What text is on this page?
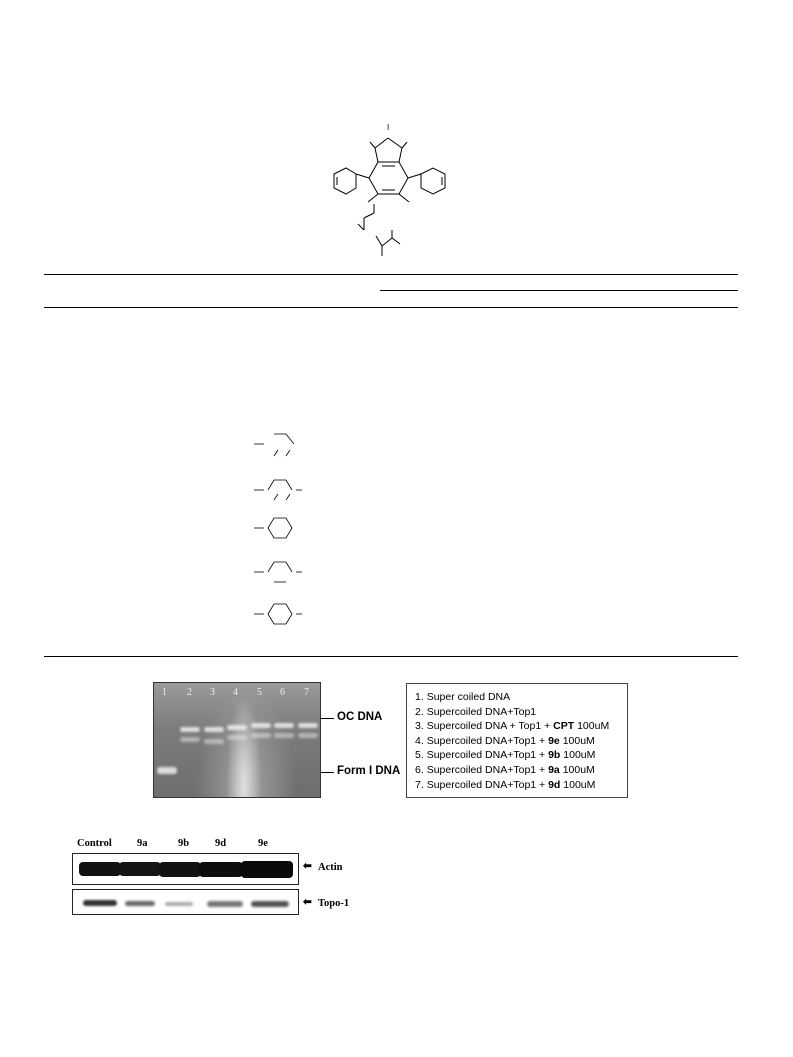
I
1 2 3 4 5 6 7
OC DNA
Form I DNA
1. Super coiled DNA
2. Supercoiled DNA+Top1
3. Supercoiled DNA + Top1 + CPT 100uM
4. Supercoiled DNA+Top1 + 9e 100uM
5. Supercoiled DNA+Top1 + 9b 100uM
6. Supercoiled DNA+Top1 + 9a 100uM
7. Supercoiled DNA+Top1 + 9d 100uM
Control 9a	9b 9d	9e
⬅ Actin
⬅ Topo-1
